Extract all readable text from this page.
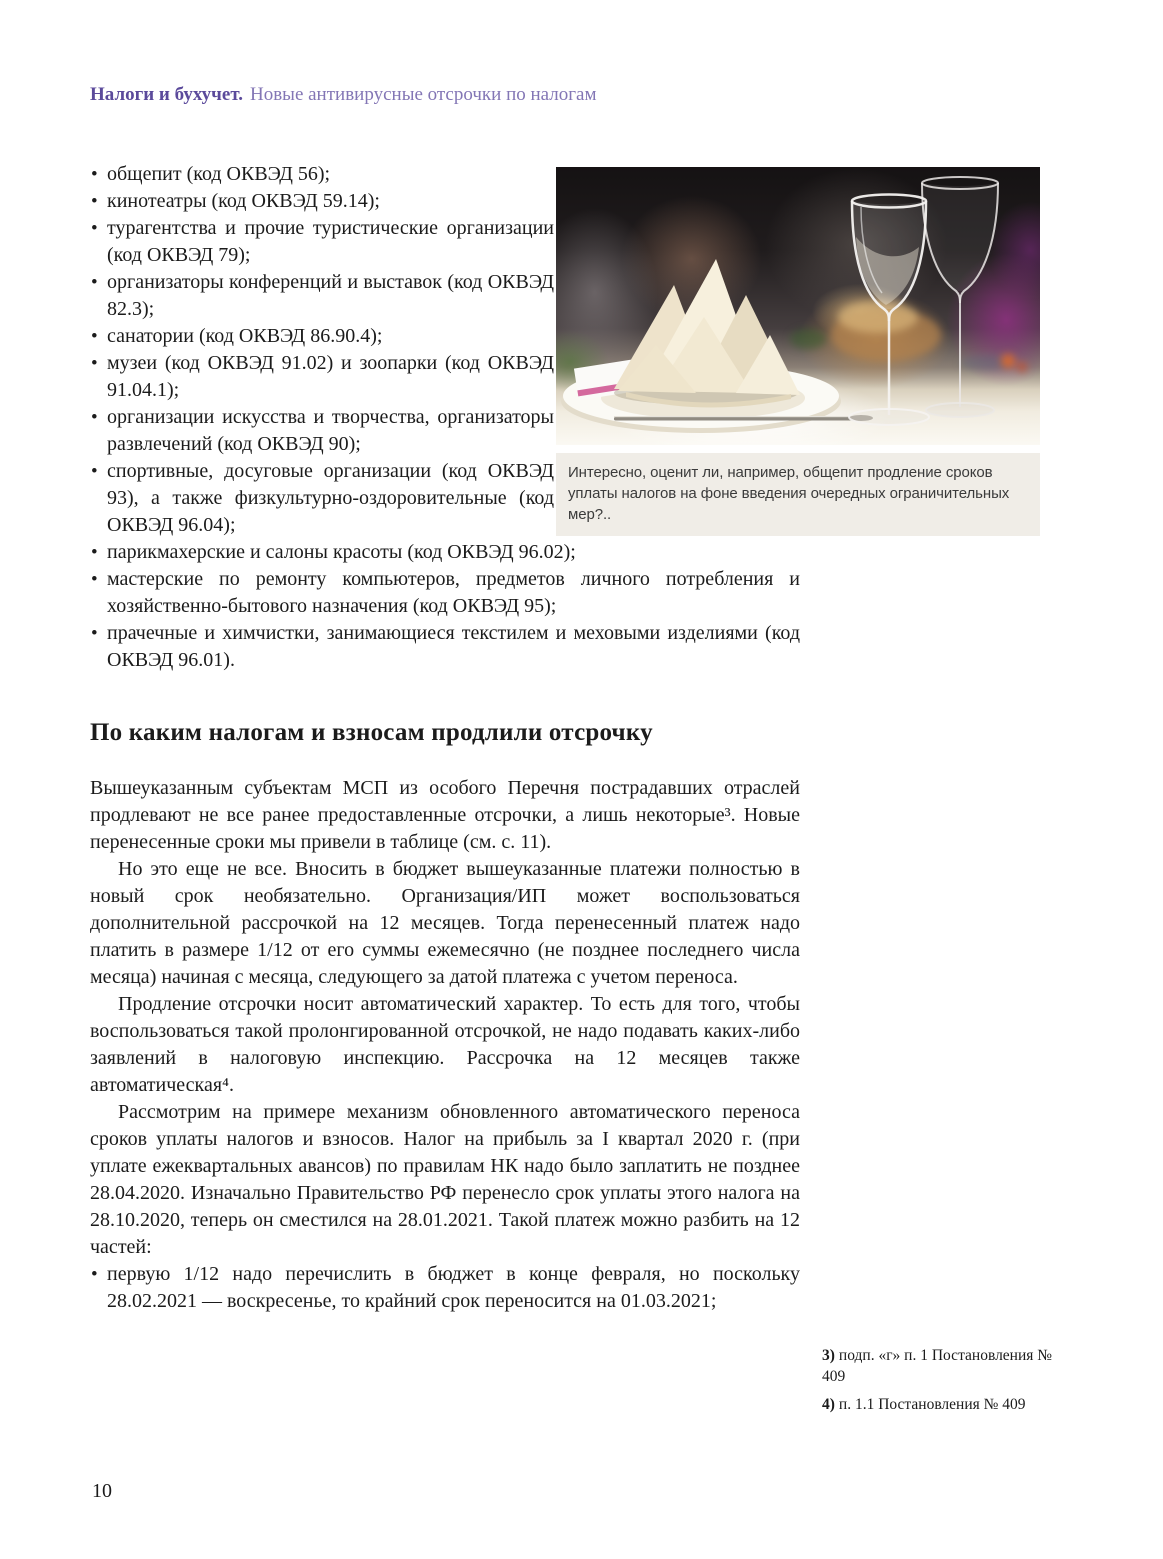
Налоги и бухучет. Новые антивирусные отсрочки по налогам
Интересно, оценит ли, например, общепит продление сроков уплаты налогов на фоне введения очередных ограничительных мер?..
• общепит (код ОКВЭД 56);
• кинотеатры (код ОКВЭД 59.14);
• турагентства и прочие туристические организации (код ОКВЭД 79);
• организаторы конференций и выставок (код ОКВЭД 82.3);
• санатории (код ОКВЭД 86.90.4);
• музеи (код ОКВЭД 91.02) и зоопарки (код ОКВЭД 91.04.1);
• организации искусства и творчества, организаторы развлечений (код ОКВЭД 90);
• спортивные, досуговые организации (код ОКВЭД 93), а также физкультурно-оздоровительные (код ОКВЭД 96.04);
• парикмахерские и салоны красоты (код ОКВЭД 96.02);
• мастерские по ремонту компьютеров, предметов личного потребления и хозяйственно-бытового назначения (код ОКВЭД 95);
• прачечные и химчистки, занимающиеся текстилем и меховыми изделиями (код ОКВЭД 96.01).
По каким налогам и взносам продлили отсрочку

Вышеуказанным субъектам МСП из особого Перечня пострадавших отраслей продлевают не все ранее предоставленные отсрочки, а лишь некоторые³. Новые перенесенные сроки мы привели в таблице (см. с. 11).

Но это еще не все. Вносить в бюджет вышеуказанные платежи полностью в новый срок необязательно. Организация/ИП может воспользоваться дополнительной рассрочкой на 12 месяцев. Тогда перенесенный платеж надо платить в размере 1/12 от его суммы ежемесячно (не позднее последнего числа месяца) начиная с месяца, следующего за датой платежа с учетом переноса.

Продление отсрочки носит автоматический характер. То есть для того, чтобы воспользоваться такой пролонгированной отсрочкой, не надо подавать каких-либо заявлений в налоговую инспекцию. Рассрочка на 12 месяцев также автоматическая⁴.

Рассмотрим на примере механизм обновленного автоматического переноса сроков уплаты налогов и взносов. Налог на прибыль за I квартал 2020 г. (при уплате ежеквартальных авансов) по правилам НК надо было заплатить не позднее 28.04.2020. Изначально Правительство РФ перенесло срок уплаты этого налога на 28.10.2020, теперь он сместился на 28.01.2021. Такой платеж можно разбить на 12 частей:

• первую 1/12 надо перечислить в бюджет в конце февраля, но поскольку 28.02.2021 — воскресенье, то крайний срок переносится на 01.03.2021;

3) подп. «г» п. 1 Постановления № 409

4) п. 1.1 Постановления № 409

10
